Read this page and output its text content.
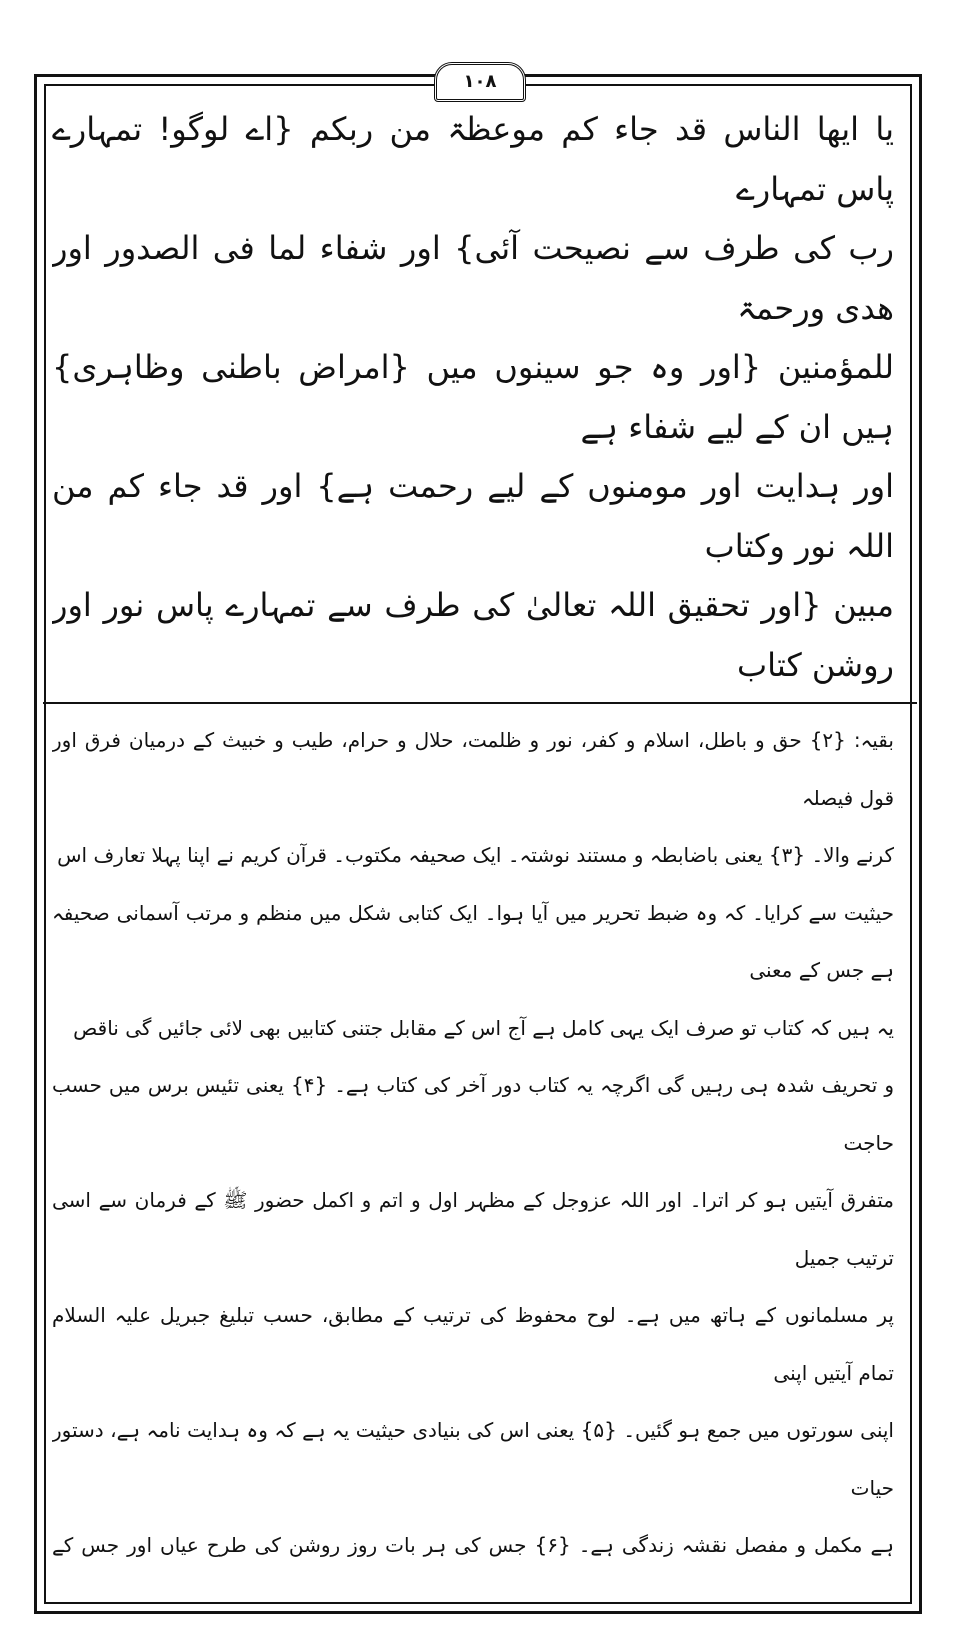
۱۰۸

یا ایھا الناس قد جاء کم موعظۃ من ربکم {اے لوگو! تمہارے پاس تمہارے

رب کی طرف سے نصیحت آئی} اور شفاء لما فی الصدور اور ھدی ورحمۃ

للمؤمنین {اور وہ جو سینوں میں {امراض باطنی وظاہری} ہیں ان کے لیے شفاء ہے

اور ہدایت اور مومنوں کے لیے رحمت ہے} اور قد جاء کم من اللہ نور وکتاب

مبین {اور تحقیق اللہ تعالیٰ کی طرف سے تمہارے پاس نور اور روشن کتاب

بقیہ: {۲} حق و باطل، اسلام و کفر، نور و ظلمت، حلال و حرام، طیب و خبیث کے درمیان فرق اور قول فیصلہ

کرنے والا۔ {۳} یعنی باضابطہ و مستند نوشتہ۔ ایک صحیفہ مکتوب۔ قرآن کریم نے اپنا پہلا تعارف اس

حیثیت سے کرایا۔ کہ وہ ضبط تحریر میں آیا ہوا۔ ایک کتابی شکل میں منظم و مرتب آسمانی صحیفہ ہے جس کے معنی

یہ ہیں کہ کتاب تو صرف ایک یہی کامل ہے آج اس کے مقابل جتنی کتابیں بھی لائی جائیں گی ناقص

و تحریف شدہ ہی رہیں گی اگرچہ یہ کتاب دور آخر کی کتاب ہے۔ {۴} یعنی تئیس برس میں حسب حاجت

متفرق آیتیں ہو کر اترا۔ اور اللہ عزوجل کے مظہر اول و اتم و اکمل حضور ﷺ کے فرمان سے اسی ترتیب جمیل

پر مسلمانوں کے ہاتھ میں ہے۔ لوح محفوظ کی ترتیب کے مطابق، حسب تبلیغ جبریل علیہ السلام تمام آیتیں اپنی

اپنی سورتوں میں جمع ہو گئیں۔ {۵} یعنی اس کی بنیادی حیثیت یہ ہے کہ وہ ہدایت نامہ ہے، دستور حیات

ہے مکمل و مفصل نقشہ زندگی ہے۔ {۶} جس کی ہر بات روز روشن کی طرح عیاں اور جس کے
